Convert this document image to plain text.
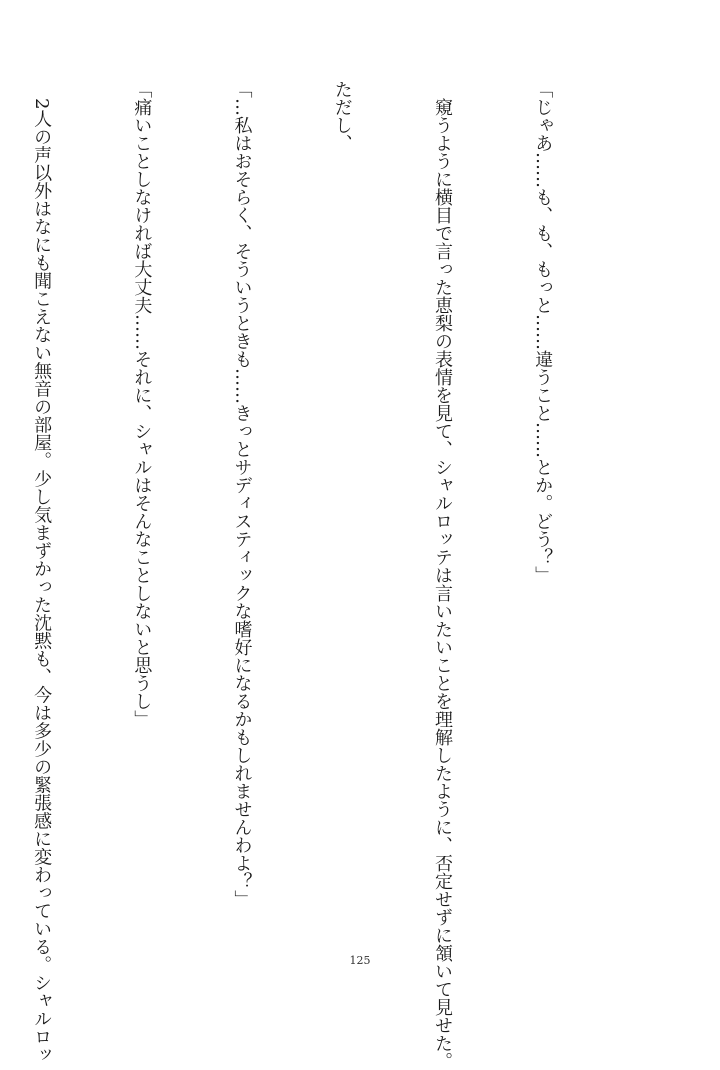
「じゃあ……も、も、もっと……違うこと……とか。どう？」

　窺うように横目で言った恵梨の表情を見て、シャルロッテは言いたいことを理解したように、否定せずに頷いて見せた。

ただし、

「…私はおそらく、そういうときも……きっとサディスティックな嗜好になるかもしれませんわよ？」

「痛いことしなければ大丈夫……それに、シャルはそんなことしないと思うし」

　2人の声以外はなにも聞こえない無音の部屋。少し気まずかった沈黙も、今は多少の緊張感に変わっている。シャルロッ

	125
